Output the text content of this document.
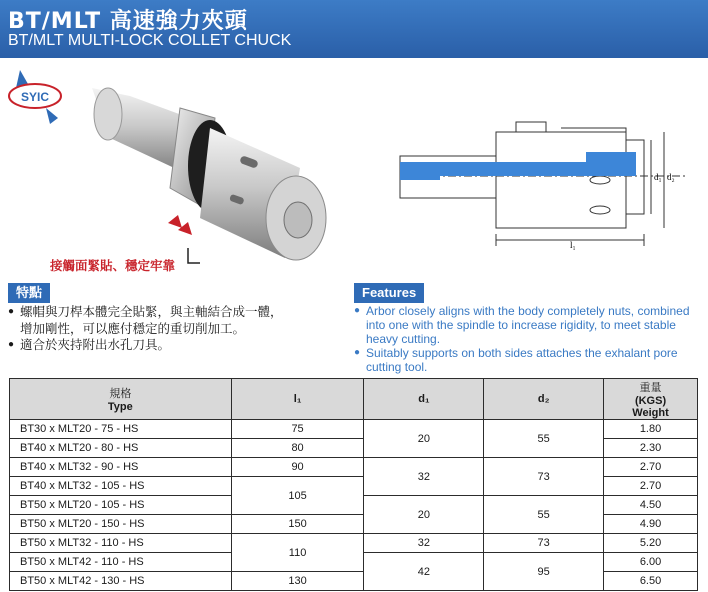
BT/MLT 高速強力夾頭
BT/MLT MULTI-LOCK COLLET CHUCK
SYIC
接觸面緊貼、穩定牢靠
l₁
d₁ d₂
特點
● 螺帽與刀桿本體完全貼緊，與主軸結合成一體，
增加剛性，可以應付穩定的重切削加工。
● 適合於夾持附出水孔刀具。
Features
● Arbor closely aligns with the body completely nuts, combined into one with the spindle to increase rigidity, to meet stable heavy cutting.
● Suitably supports on both sides attaches the exhalant pore cutting tool.
規格
Type	l₁	d₁	d₂	重量
(KGS)
Weight
BT30 x MLT20 - 75 - HS	75	20	55	1.80
BT40 x MLT20 - 80 - HS	80			2.30
BT40 x MLT32 - 90 - HS	90	32	73	2.70
BT40 x MLT32 - 105 - HS	105			2.70
BT50 x MLT20 - 105 - HS		20	55	4.50
BT50 x MLT20 - 150 - HS	150			4.90
BT50 x MLT32 - 110 - HS	110	32	73	5.20
BT50 x MLT42 - 110 - HS		42	95	6.00
BT50 x MLT42 - 130 - HS	130			6.50
